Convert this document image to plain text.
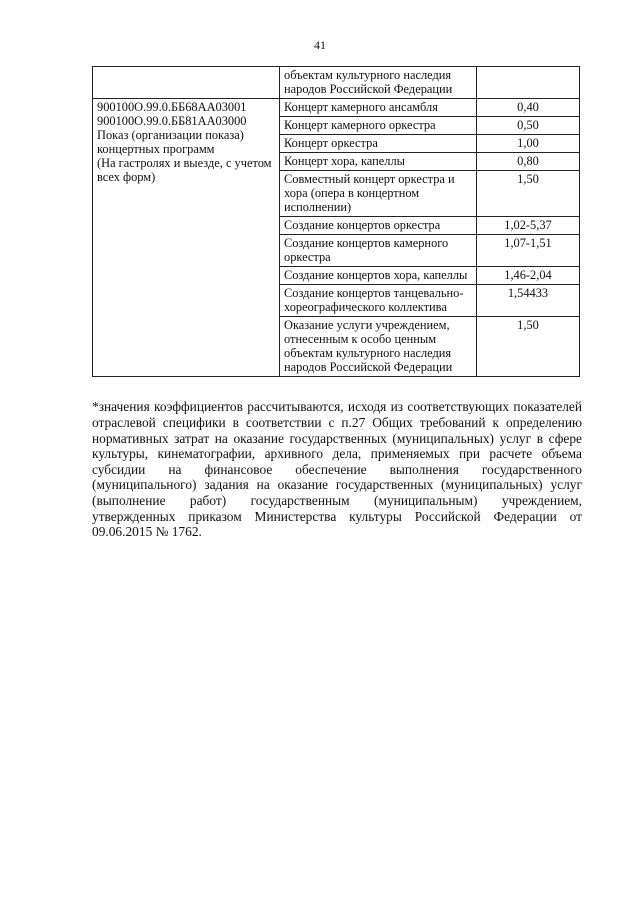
41
	объектам культурного наследия народов Российской Федерации	

900100О.99.0.ББ68АА03001
900100О.99.0.ББ81АА03000
Показ (организации показа) концертных программ
(На гастролях и выезде, с учетом всех форм)	Концерт камерного ансамбля	0,40
	Концерт камерного оркестра	0,50
	Концерт оркестра	1,00
	Концерт хора, капеллы	0,80
	Совместный концерт оркестра и хора (опера в концертном исполнении)	1,50
	Создание концертов оркестра	1,02-5,37
	Создание концертов камерного оркестра	1,07-1,51
	Создание концертов хора, капеллы	1,46-2,04
	Создание концертов танцевально-хореографического коллектива	1,54433
	Оказание услуги учреждением, отнесенным к особо ценным объектам культурного наследия народов Российской Федерации	1,50

*значения коэффициентов рассчитываются, исходя из соответствующих показателей отраслевой специфики в соответствии с п.27 Общих требований к определению нормативных затрат на оказание государственных (муниципальных) услуг в сфере культуры, кинематографии, архивного дела, применяемых при расчете объема субсидии на финансовое обеспечение выполнения государственного (муниципального) задания на оказание государственных (муниципальных) услуг (выполнение работ) государственным (муниципальным) учреждением, утвержденных приказом Министерства культуры Российской Федерации от 09.06.2015 № 1762.
